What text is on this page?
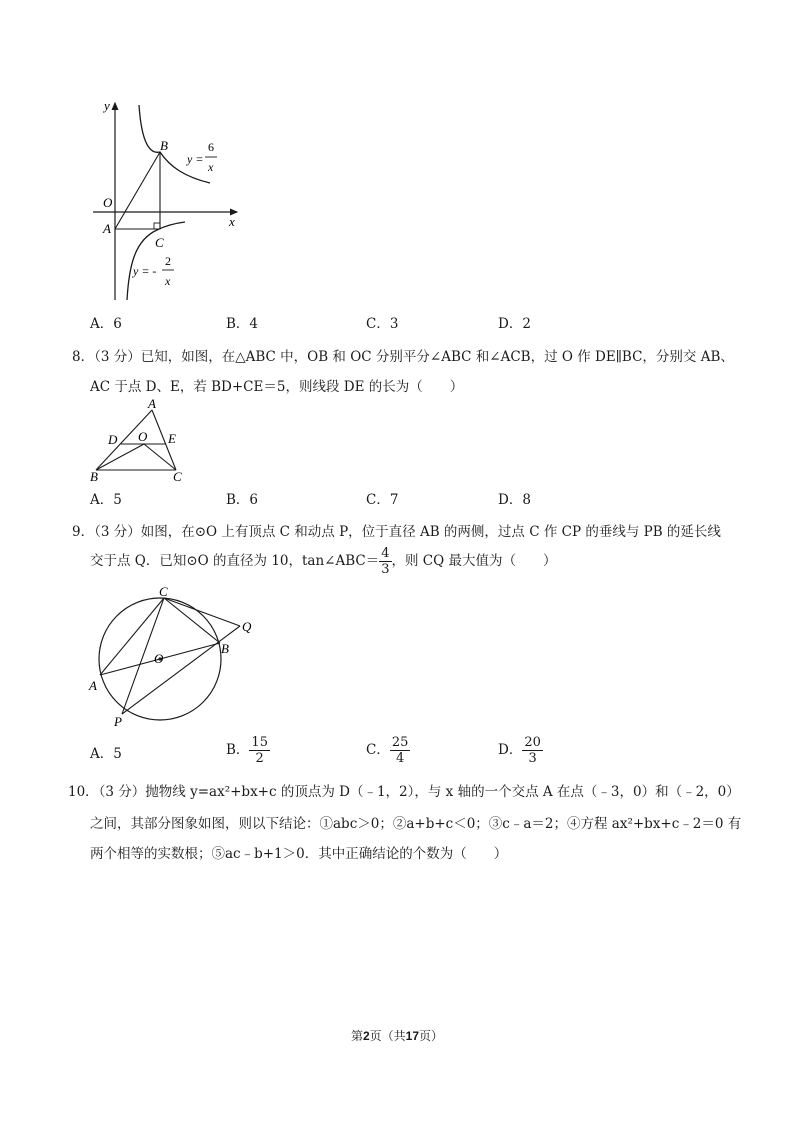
y
x
O
A
B
C
y =
6
x
y = -
2
x
A．6	B．4	C．3	D．2
8．（3 分）已知，如图，在△ABC 中，OB 和 OC 分别平分∠ABC 和∠ACB，过 O 作 DE∥BC，分别交 AB、
AC 于点 D、E，若 BD+CE＝5，则线段 DE 的长为（　　）
A
B	C
D	E
O
A．5	B．6	C．7	D．8
9．（3 分）如图，在⊙O 上有顶点 C 和动点 P，位于直径 AB 的两侧，过点 C 作 CP 的垂线与 PB 的延长线
交于点 Q．已知⊙O 的直径为 10，tan∠ABC＝ $\frac{4}{3}$ ，则 CQ 最大值为（　　）
A
B
C
O
P
Q
A．5	B． $\frac{15}{2}$	C． $\frac{25}{4}$	D． $\frac{20}{3}$
10．（3 分）抛物线 y=ax²+bx+c 的顶点为 D（﹣1，2），与 x 轴的一个交点 A 在点（﹣3，0）和（﹣2，0）
之间，其部分图象如图，则以下结论：①abc＞0；②a+b+c＜0；③c﹣a＝2；④方程 ax²+bx+c﹣2＝0 有
两个相等的实数根；⑤ac﹣b+1＞0．其中正确结论的个数为（　　）
第2页（共17页）
